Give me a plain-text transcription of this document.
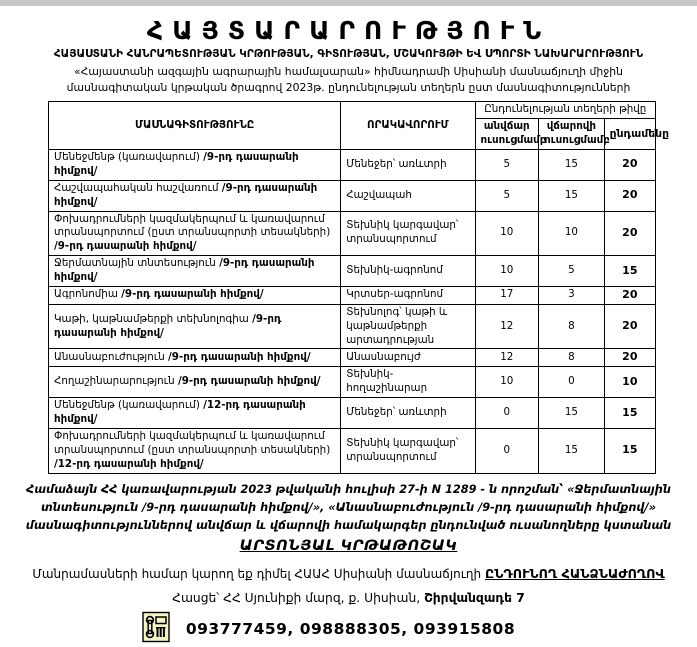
ՀԱՅՏԱՐԱՐՈՒԹՅՈՒՆ
ՀԱՅԱՍՏԱՆԻ ՀԱՆՐԱՊԵՏՈՒԹՅԱՆ ԿՐԹՈՒԹՅԱՆ, ԳԻՏՈՒԹՅԱՆ, ՄՇԱԿՈՒՅԹԻ ԵՎ ՍՊՈՐՏԻ ՆԱԽԱՐԱՐՈՒԹՅՈՒՆ
«Հայաստանի ազգային ագրարային համալսարան» հիմնադրամի Սիսիանի մասնաճյուղի միջին մասնագիտական կրթական ծրագրով 2023թ. ընդունելության տեղերն ըստ մասնագիտությունների
ՄԱՍՆԱԳԻՏՈՒԹՅՈՒՆԸ	ՈՐԱԿԱՎՈՐՈՒՄ	Ընդունելության տեղերի թիվը		
		անվճար ուսուցմամբ	վճարովի ուսուցմամբ	ընդամենը
Մենեջմենթ (կառավարում) /9-րդ դասարանի հիմքով/	Մենեջեր՝ առևտրի	5	15	20
Հաշվապահական հաշվառում /9-րդ դասարանի հիմքով/	Հաշվապահ	5	15	20
Փոխադրումների կազմակերպում և կառավարում տրանսպորտում (ըստ տրանսպորտի տեսակների) /9-րդ դասարանի հիմքով/	Տեխնիկ կարգավար՝ տրանսպորտում	10	10	20
Ջերմատնային տնտեսություն /9-րդ դասարանի հիմքով/	Տեխնիկ-ագրոնոմ	10	5	15
Ագրոնոմիա /9-րդ դասարանի հիմքով/	Կրտսեր-ագրոնոմ	17	3	20
Կաթի, կաթնամթերքի տեխնոլոգիա /9-րդ դասարանի հիմքով/	Տեխնոլոգ՝ կաթի և կաթնամթերքի արտադրության	12	8	20
Անասնաբուժություն /9-րդ դասարանի հիմքով/	Անասնաբույժ	12	8	20
Հողաշինարարություն /9-րդ դասարանի հիմքով/	Տեխնիկ-հողաշինարար	10	0	10
Մենեջմենթ (կառավարում) /12-րդ դասարանի հիմքով/	Մենեջեր՝ առևտրի	0	15	15
Փոխադրումների կազմակերպում և կառավարում տրանսպորտում (ըստ տրանսպորտի տեսակների) /12-րդ դասարանի հիմքով/	Տեխնիկ կարգավար՝ տրանսպորտում	0	15	15

Համաձայն ՀՀ կառավարության 2023 թվականի հուլիսի 27-ի N 1289 - ն որոշման՝ «Ջերմատնային տնտեսություն /9-րդ դասարանի հիմքով/», «Անասնաբուժություն /9-րդ դասարանի հիմքով/» մասնագիտություններով անվճար և վճարովի համակարգեր ընդունված ուսանողները կստանան ԱՐՏՈՆՅԱԼ ԿՐԹԱԹՈՇԱԿ

Մանրամասների համար կարող եք դիմել ՀԱԱՀ Սիսիանի մասնաճյուղի ԸՆԴՈՒՆՈՂ ՀԱՆՁՆԱԺՈՂՈՎ

Հասցե՝ ՀՀ Սյունիքի մարզ, ք. Սիսիան, Շիրվանզադե 7

093777459, 098888305, 093915808
